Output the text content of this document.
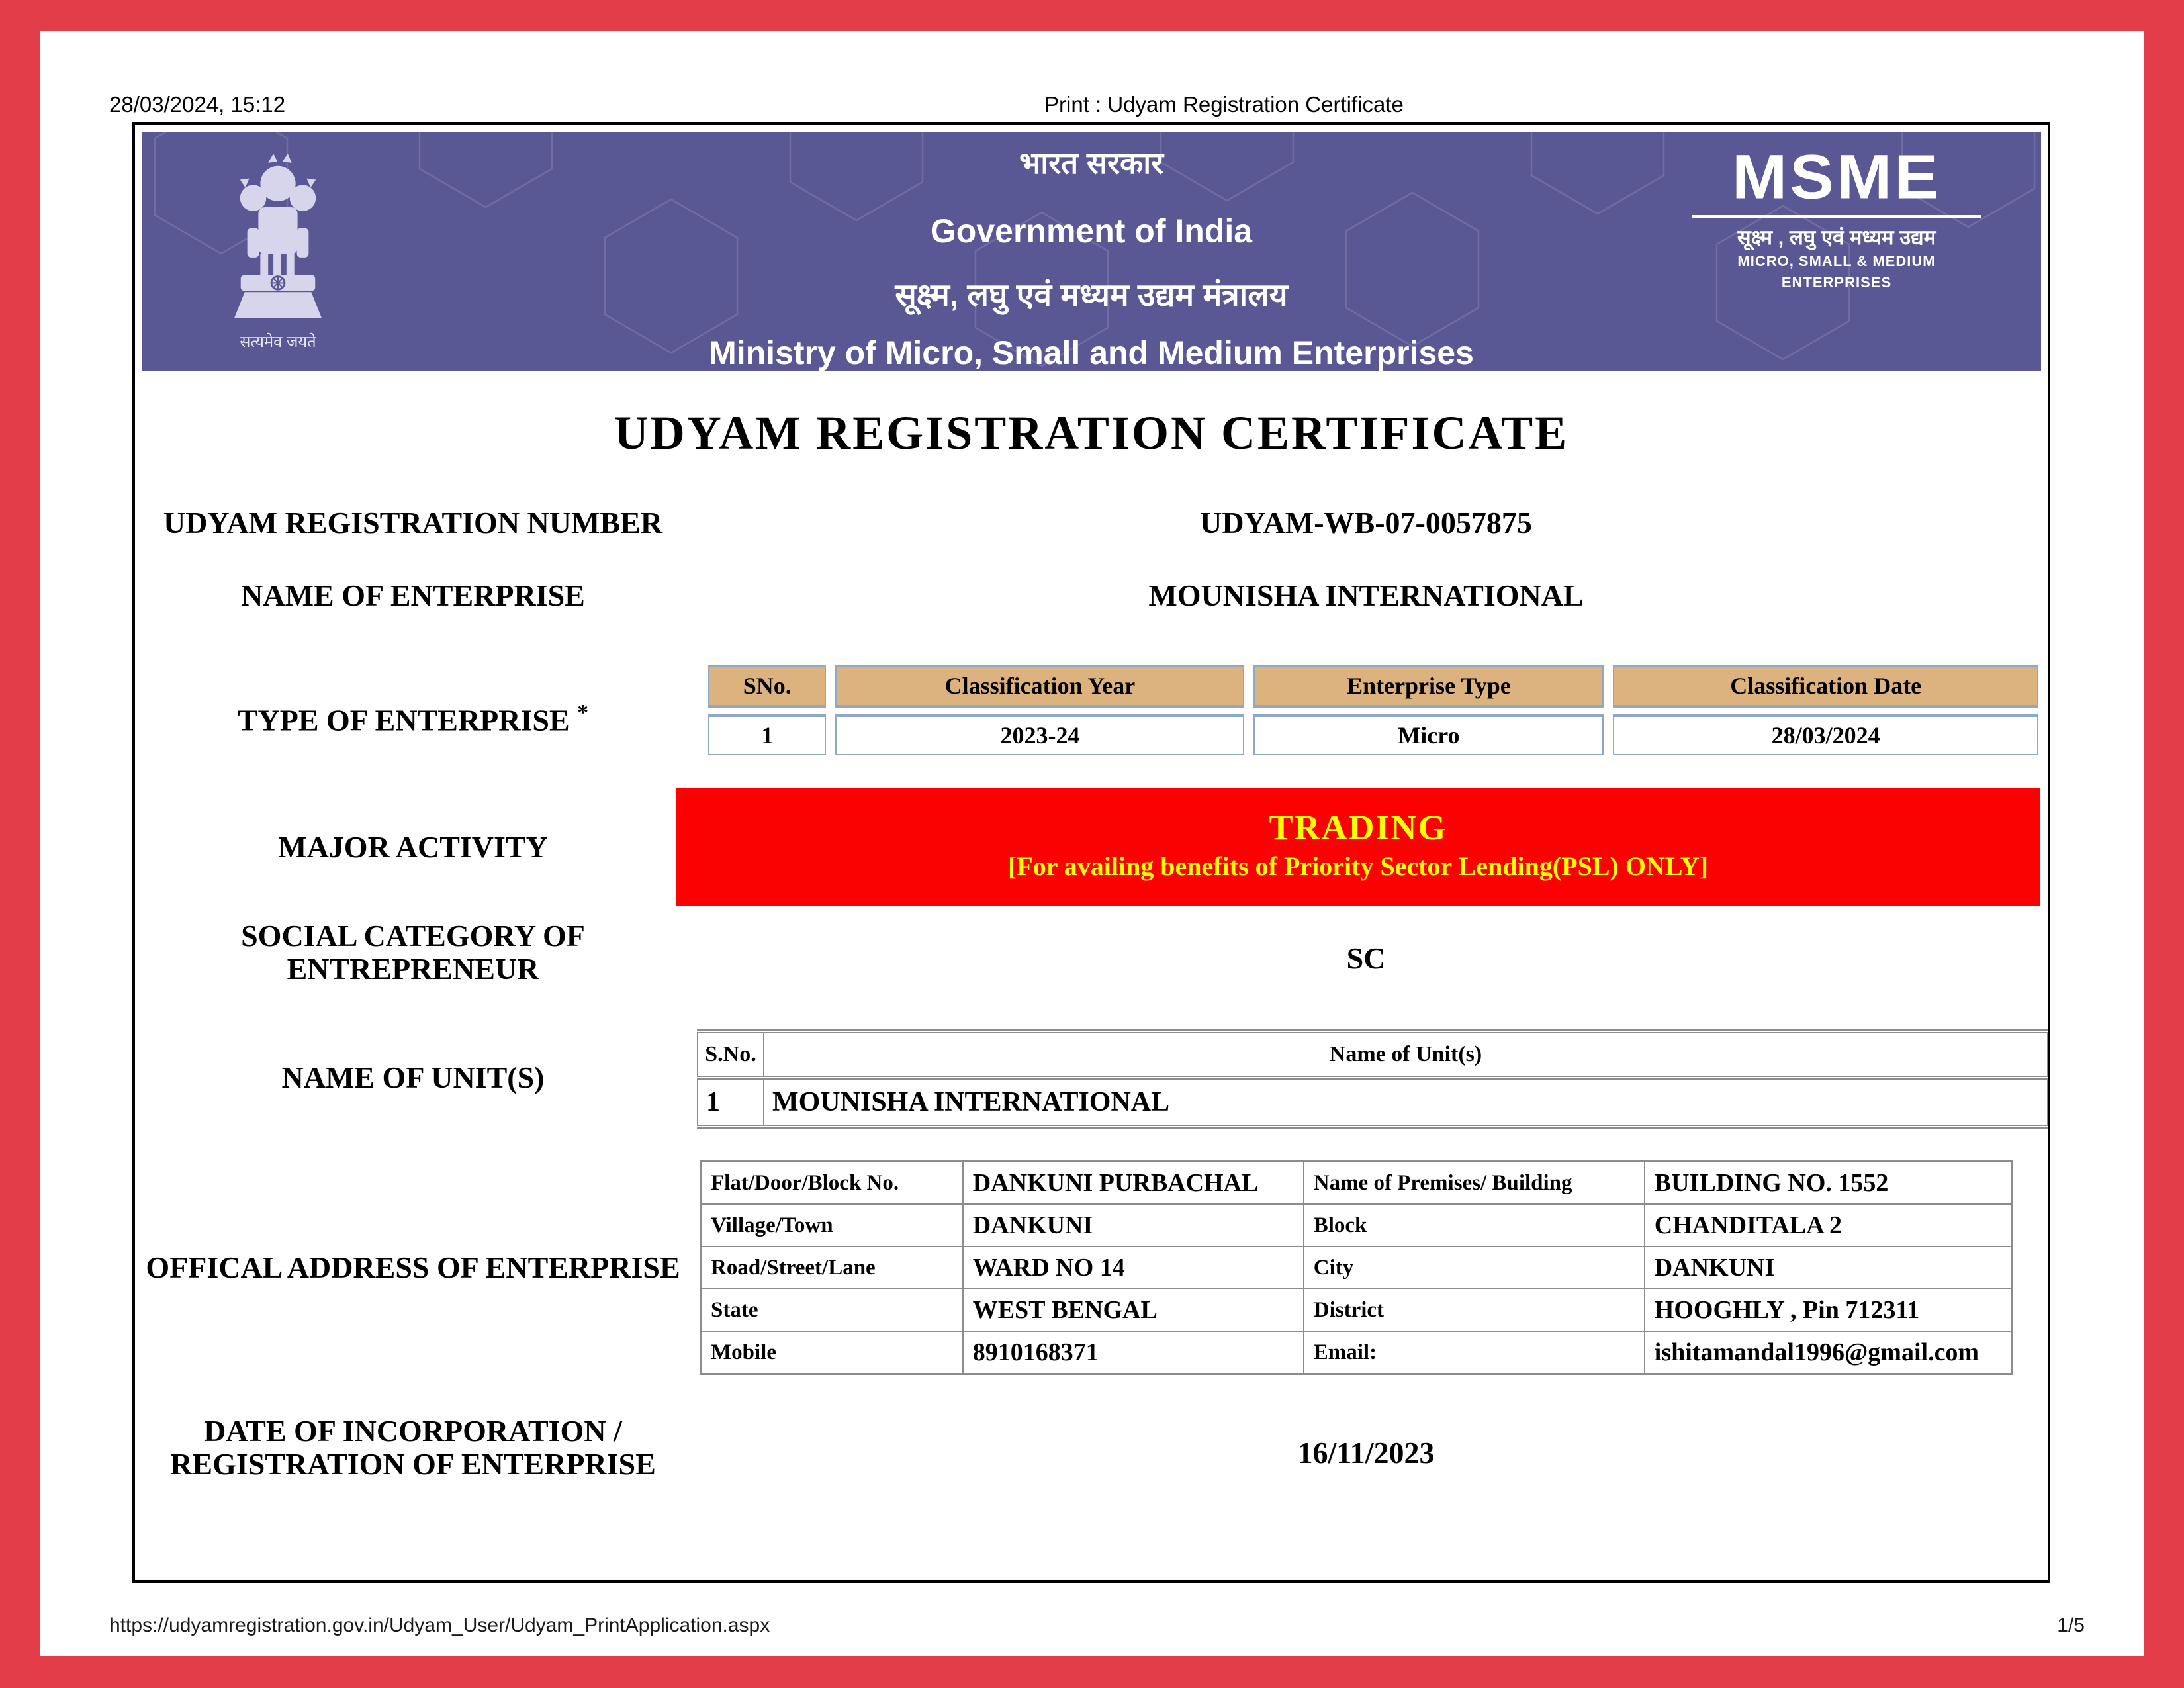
28/03/2024, 15:12	Print : Udyam Registration Certificate
सत्यमेव जयते
भारत सरकार
Government of India
सूक्ष्म, लघु एवं मध्यम उद्यम मंत्रालय
Ministry of Micro, Small and Medium Enterprises
MSME
सूक्ष्म , लघु एवं मध्यम उद्यम
MICRO, SMALL & MEDIUM ENTERPRISES
UDYAM REGISTRATION CERTIFICATE
UDYAM REGISTRATION NUMBER	UDYAM-WB-07-0057875
NAME OF ENTERPRISE	MOUNISHA INTERNATIONAL
TYPE OF ENTERPRISE *
SNo.	Classification Year	Enterprise Type	Classification Date
1	2023-24	Micro	28/03/2024
MAJOR ACTIVITY	TRADING
[For availing benefits of Priority Sector Lending(PSL) ONLY]
SOCIAL CATEGORY OF
ENTREPRENEUR	SC
NAME OF UNIT(S)
S.No.	Name of Unit(s)
1	MOUNISHA INTERNATIONAL
OFFICAL ADDRESS OF ENTERPRISE
Flat/Door/Block No.	DANKUNI PURBACHAL	Name of Premises/ Building	BUILDING NO. 1552
Village/Town	DANKUNI	Block	CHANDITALA 2
Road/Street/Lane	WARD NO 14	City	DANKUNI
State	WEST BENGAL	District	HOOGHLY , Pin 712311
Mobile	8910168371	Email:	ishitamandal1996@gmail.com
DATE OF INCORPORATION /
REGISTRATION OF ENTERPRISE	16/11/2023
https://udyamregistration.gov.in/Udyam_User/Udyam_PrintApplication.aspx	1/5
